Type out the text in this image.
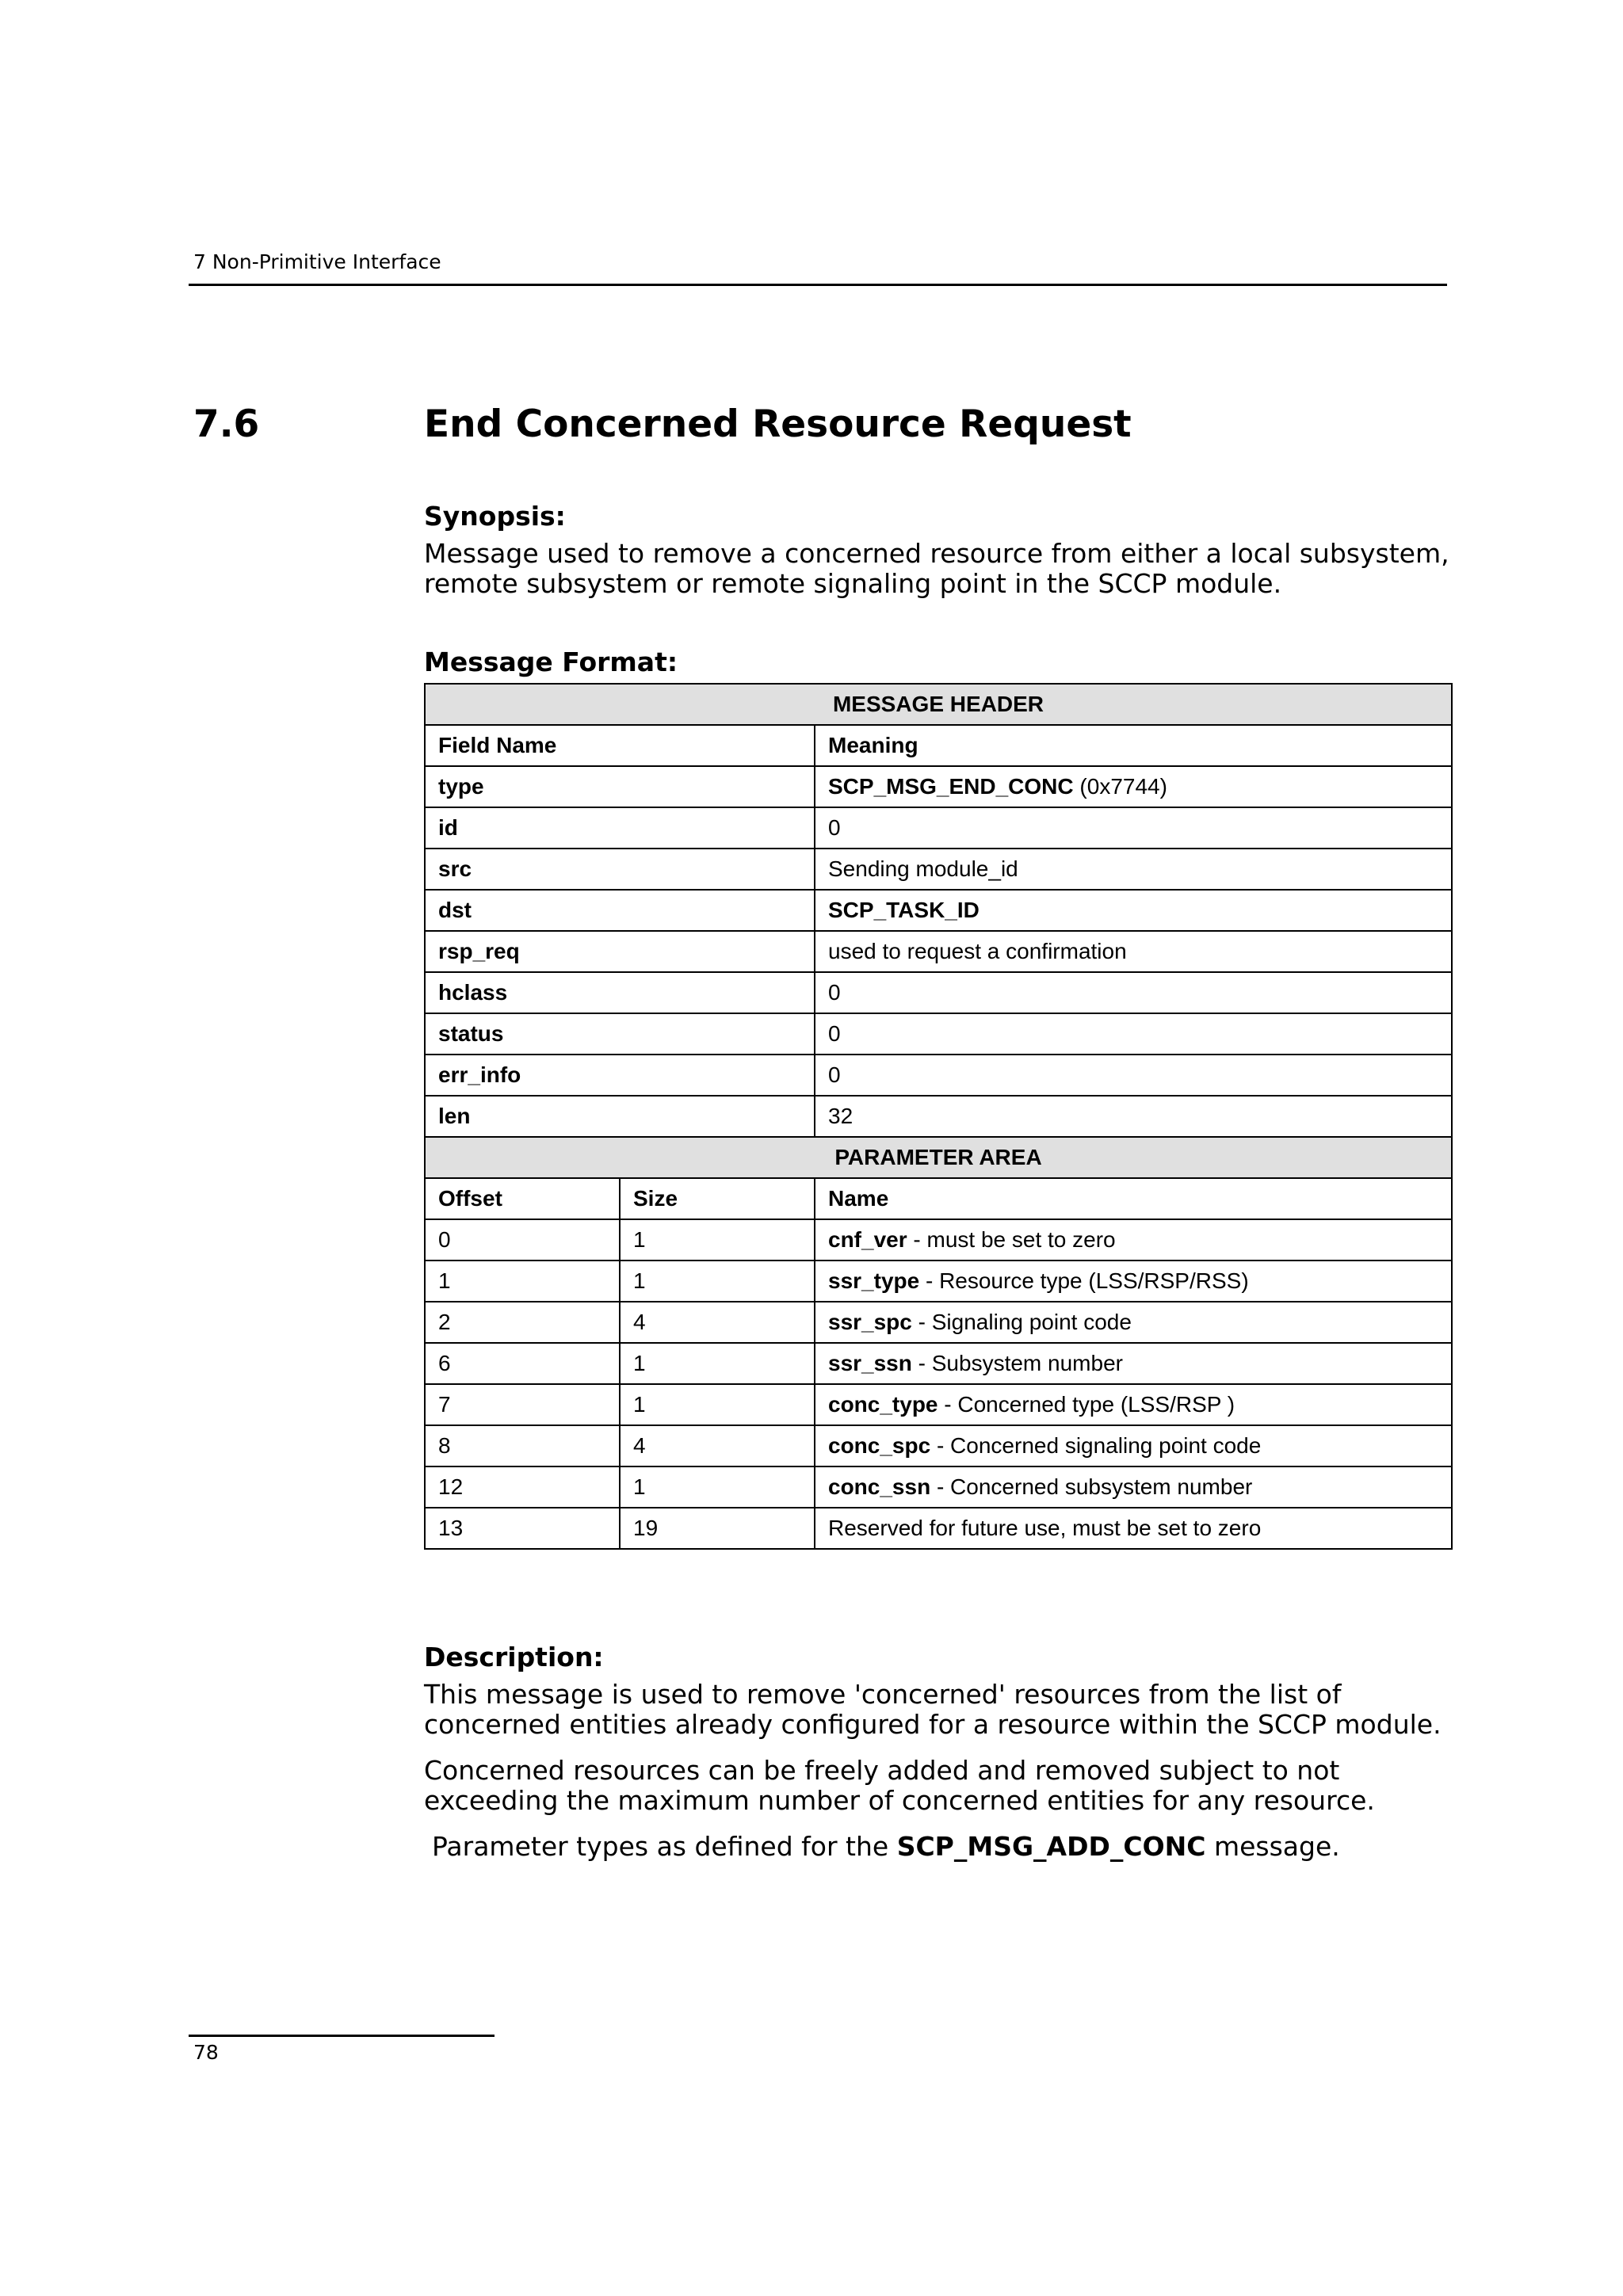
7 Non-Primitive Interface
7.6	End Concerned Resource Request
Synopsis:
Message used to remove a concerned resource from either a local subsystem, remote subsystem or remote signaling point in the SCCP module.
Message Format:
MESSAGE HEADER		
Field Name		Meaning
type		SCP_MSG_END_CONC (0x7744)
id		0
src		Sending module_id
dst		SCP_TASK_ID
rsp_req		used to request a confirmation
hclass		0
status		0
err_info		0
len		32
PARAMETER AREA		
Offset	Size	Name
0	1	cnf_ver - must be set to zero
1	1	ssr_type - Resource type (LSS/RSP/RSS)
2	4	ssr_spc - Signaling point code
6	1	ssr_ssn - Subsystem number
7	1	conc_type - Concerned type (LSS/RSP )
8	4	conc_spc - Concerned signaling point code
12	1	conc_ssn - Concerned subsystem number
13	19	Reserved for future use, must be set to zero
Description:
This message is used to remove 'concerned' resources from the list of concerned entities already configured for a resource within the SCCP module.
Concerned resources can be freely added and removed subject to not exceeding the maximum number of concerned entities for any resource.
Parameter types as defined for the SCP_MSG_ADD_CONC message.
78
